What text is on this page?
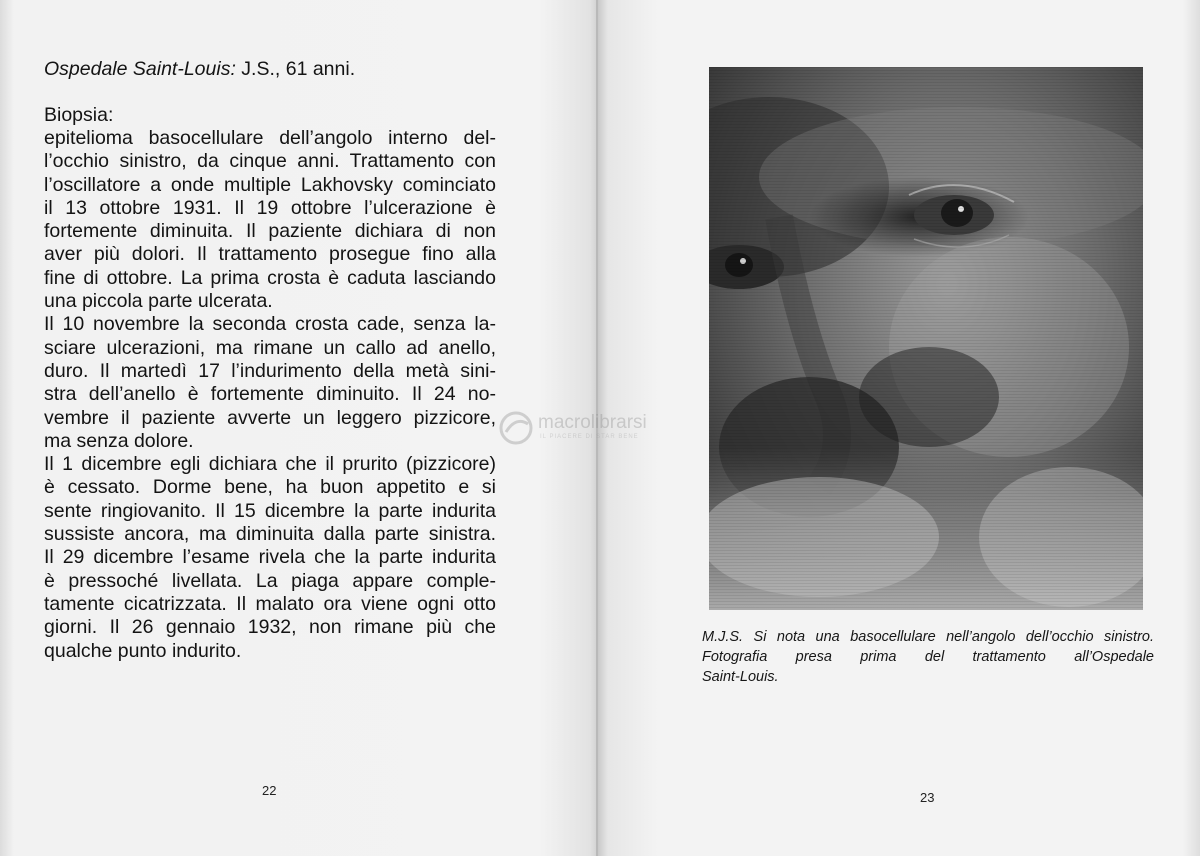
Ospedale Saint-Louis: J.S., 61 anni.

Biopsia:

epitelioma basocellulare dell’angolo interno del-
l’occhio sinistro, da cinque anni. Trattamento con
l’oscillatore a onde multiple Lakhovsky cominciato
il 13 ottobre 1931. Il 19 ottobre l’ulcerazione è
fortemente diminuita. Il paziente dichiara di non
aver più dolori. Il trattamento prosegue fino alla
fine di ottobre. La prima crosta è caduta lasciando
una piccola parte ulcerata.
Il 10 novembre la seconda crosta cade, senza la-
sciare ulcerazioni, ma rimane un callo ad anello,
duro. Il martedì 17 l’indurimento della metà sini-
stra dell’anello è fortemente diminuito. Il 24 no-
vembre il paziente avverte un leggero pizzicore,
ma senza dolore.
Il 1 dicembre egli dichiara che il prurito (pizzicore)
è cessato. Dorme bene, ha buon appetito e si
sente ringiovanito. Il 15 dicembre la parte indurita
sussiste ancora, ma diminuita dalla parte sinistra.
Il 29 dicembre l’esame rivela che la parte indurita
è pressoché livellata. La piaga appare comple-
tamente cicatrizzata. Il malato ora viene ogni otto
giorni. Il 26 gennaio 1932, non rimane più che
qualche punto indurito.
22
M.J.S. Si nota una basocellulare nell’angolo dell’occhio sinistro.
Fotografia presa prima del trattamento all’Ospedale
Saint-Louis.
23
macrolibrarsi
IL PIACERE DI STAR BENE
